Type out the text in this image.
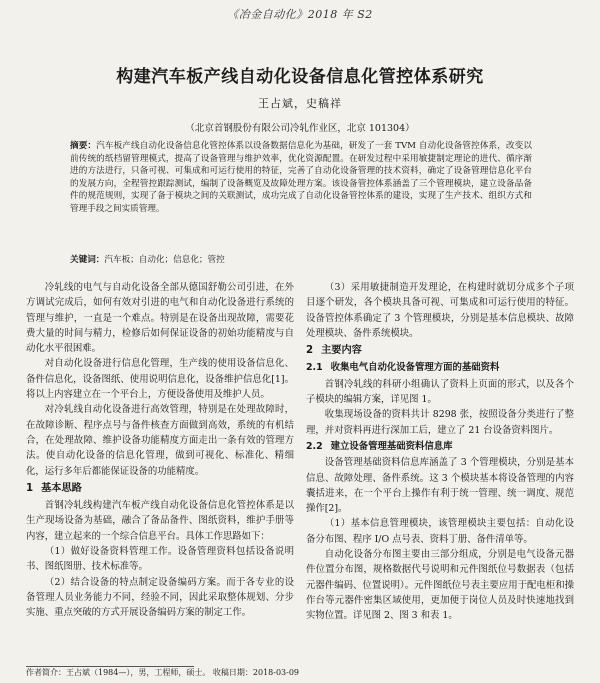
《冶金自动化》2018 年 S2
构建汽车板产线自动化设备信息化管控体系研究
王占斌，史稿祥
（北京首钢股份有限公司冷轧作业区，北京 101304）

摘要：汽车板产线自动化设备信息化管控体系以设备数据信息化为基础，研发了一套 TVM 自动化设备管控体系，改变以前传统的纸档留管理模式，提高了设备管理与维护效率，优化资源配置。在研发过程中采用敏捷制定理论的进代、循序渐进的方法进行，只备可视、可集成和可运行使用的特征，完善了自动化设备管理的技术资料，确定了设备管理信息化平台的发展方向，全程管控跟踪测试，编制了设备概览及故障处理方案。该设备管控体系涵盖了三个管理模块，建立设备品备件的规范规则，实现了备于模块之间的关联测试，成功完成了自动化设备管控体系的建设，实现了生产技术、组织方式和管理手段之间实质管理。

关键词：汽车板；自动化；信息化；管控

冷轧线的电气与自动化设备全部从德国舒勒公司引进，在外方调试完成后，如何有效对引进的电气和自动化设备进行系统的管理与维护，一直是一个难点。特别是在设备出现故障，需要花费大量的时间与精力，检修后如何保证设备的初始功能精度与自动化水平很困难。

对自动化设备进行信息化管理，生产线的使用设备信息化、备件信息化，设备图纸、使用说明信息化，设备维护信息化[1]。将以上内容建立在一个平台上，方便设备使用及维护人员。

对冷轧线自动化设备进行高效管理，特别是在处理故障时，在故障诊断、程序点号与备件核查方面做到高效，系统的有机结合，在处理故障、维护设备功能精度方面走出一条有效的管理方法。使自动化设备的信息化管理，做到可视化、标准化、精细化，运行多年后都能保证设备的功能精度。

1 基本思路

首钢冷轧线构建汽车板产线自动化设备信息化管控体系是以生产现场设备为基础，融合了备品备件、图纸资料，维护手册等内容，建立起来的一个综合信息平台。具体工作思路如下：

（1）做好设备资料管理工作。设备管理资料包括设备说明书、图纸图册、技术标准等。

（2）结合设备的特点制定设备编码方案。而于各专业的设备管理人员业务能力不同，经验不同，因此采取整体规划、分步实施、重点突破的方式开展设备编码方案的制定工作。

（3）采用敏捷制造开发理论，在构建时就切分成多个子项目逐个研发，各个模块具备可视、可集成和可运行使用的特征。设备管控体系确定了 3 个管理模块，分别是基本信息模块、故障处理模块、备件系统模块。

2 主要内容
2.1 收集电气自动化设备管理方面的基础资料

首钢冷轧线的科研小组确认了资料上页面的形式，以及各个子模块的编辑方案，详见图 1。

收集现场设备的资料共计 8298 张，按照设备分类进行了整理，并对资料再进行深加工后，建立了 21 台设备资料图片。

2.2 建立设备管理基础资料信息库

设备管理基础资料信息库涵盖了 3 个管理模块，分别是基本信息、故障处理、备件系统。这 3 个模块基本将设备管理的内容囊括进来，在一个平台上操作有利于统一管理、统一调度、规范操作[2]。

（1）基本信息管理模块，该管理模块主要包括：自动化设备分布图、程序 I/O 点号表、资料丁册、备件清单等。

自动化设备分布图主要由三部分组成，分别是电气设备元器件位置分布图，规格数据代号说明和元件图纸位号数据表（包括元器件编码、位置说明）。元件图纸位号表主要应用于配电柜和操作台等元器件密集区域使用，更加便于岗位人员及时快速地找到实物位置。详见图 2、图 3 和表 1。

作者简介：王占斌（1984—），男，工程师，硕士。 收稿日期：2018-03-09
